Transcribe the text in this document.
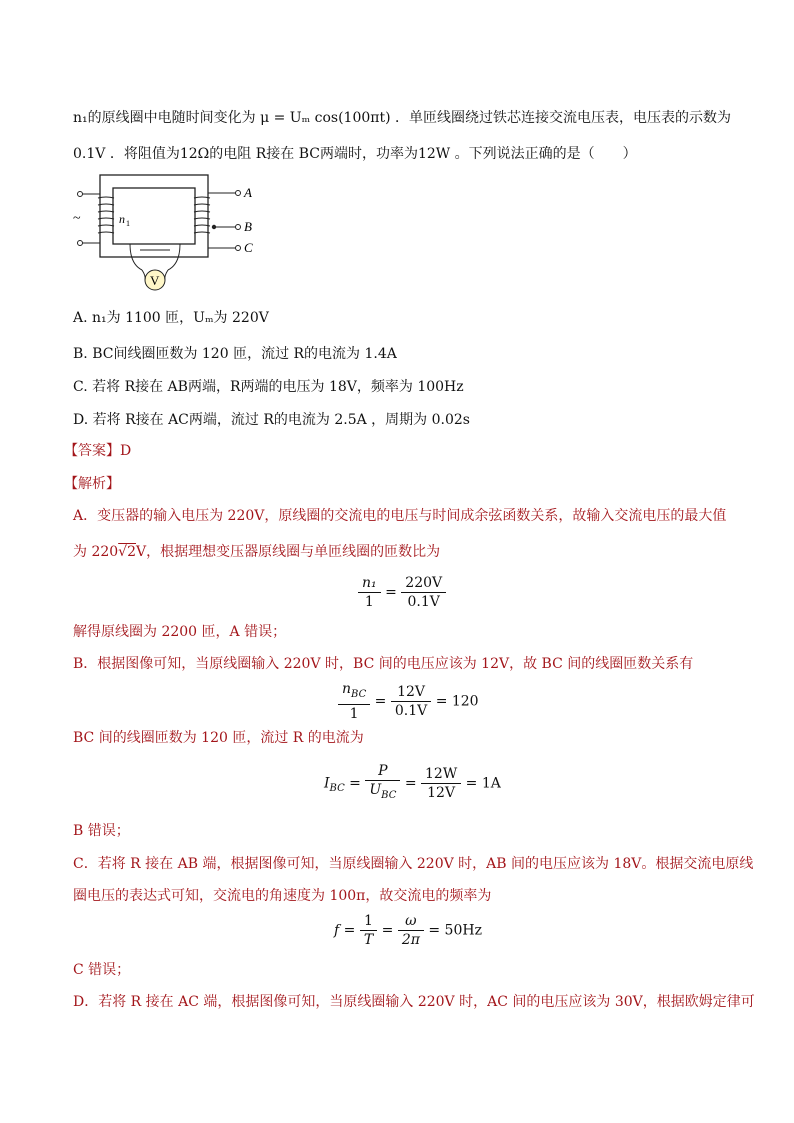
n₁的原线圈中电随时间变化为 μ = Uₘ cos(100πt) ．单匝线圈绕过铁芯连接交流电压表，电压表的示数为
0.1V ．将阻值为12Ω的电阻 R接在 BC两端时，功率为12W 。下列说法正确的是（　　）
n 1
~
A
B
C
V
A. n₁为 1100 匝，Uₘ为 220V
B. BC间线圈匝数为 120 匝，流过 R的电流为 1.4A
C. 若将 R接在 AB两端，R两端的电压为 18V，频率为 100Hz
D. 若将 R接在 AC两端，流过 R的电流为 2.5A ，周期为 0.02s
【答案】D
【解析】
A．变压器的输入电压为 220V，原线圈的交流电的电压与时间成余弦函数关系，故输入交流电压的最大值
为 220√2V，根据理想变压器原线圈与单匝线圈的匝数比为
$\frac{\text{n₁}}{1} = \frac{220V}{0.1V}$
解得原线圈为 2200 匝，A 错误；
B．根据图像可知，当原线圈输入 220V 时，BC 间的电压应该为 12V，故 BC 间的线圈匝数关系有
$\frac{n_{BC}}{1} = \frac{12V}{0.1V} = 120$
BC 间的线圈匝数为 120 匝，流过 R 的电流为
$I_{BC} = \frac{P}{U_{BC}} = \frac{12W}{12V} = 1A$
B 错误；
C．若将 R 接在 AB 端，根据图像可知，当原线圈输入 220V 时，AB 间的电压应该为 18V。根据交流电原线
圈电压的表达式可知，交流电的角速度为 100π，故交流电的频率为
$f = \frac{1}{T} = \frac{\omega}{2\pi} = 50Hz$
C 错误；
D．若将 R 接在 AC 端，根据图像可知，当原线圈输入 220V 时，AC 间的电压应该为 30V，根据欧姆定律可
